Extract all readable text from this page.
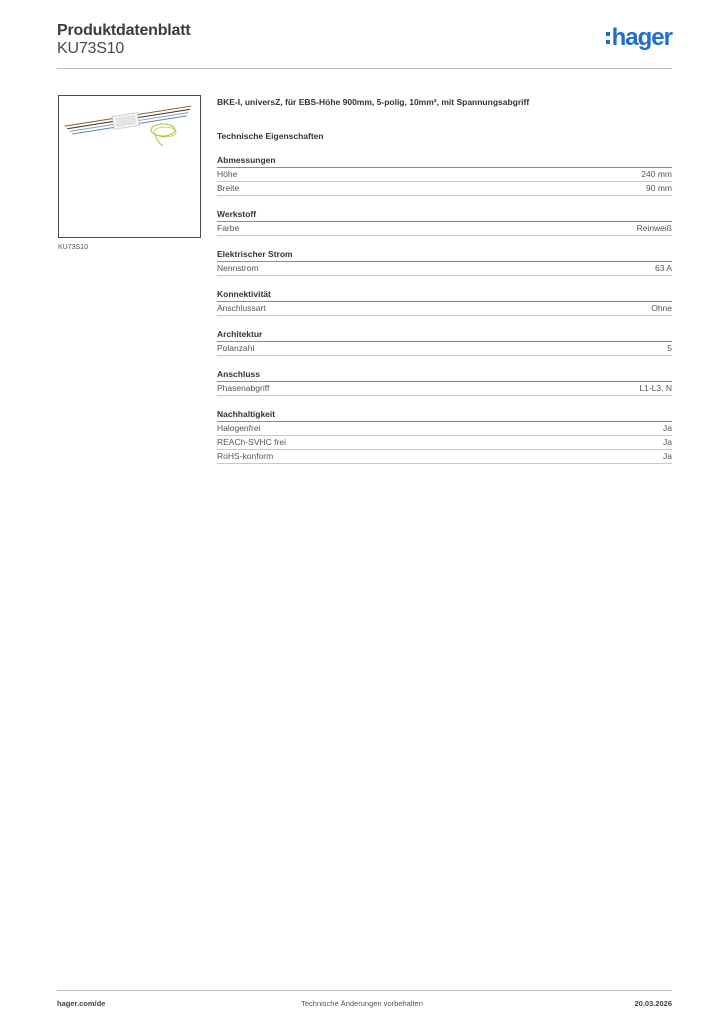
Produktdatenblatt
KU73S10	hager
KU73S10
BKE-I, universZ, für EBS-Höhe 900mm, 5-polig, 10mm², mit Spannungsabgriff
Technische Eigenschaften
Abmessungen
Höhe	240 mm
Breite	90 mm
Werkstoff
Farbe	Reinweiß
Elektrischer Strom
Nennstrom	63 A
Konnektivität
Anschlussart	Ohne
Architektur
Polanzahl	5
Anschluss
Phasenabgriff	L1-L3, N
Nachhaltigkeit
Halogenfrei	Ja
REACh-SVHC frei	Ja
RoHS-konform	Ja
hager.com/de	Technische Änderungen vorbehalten	20.03.2026
